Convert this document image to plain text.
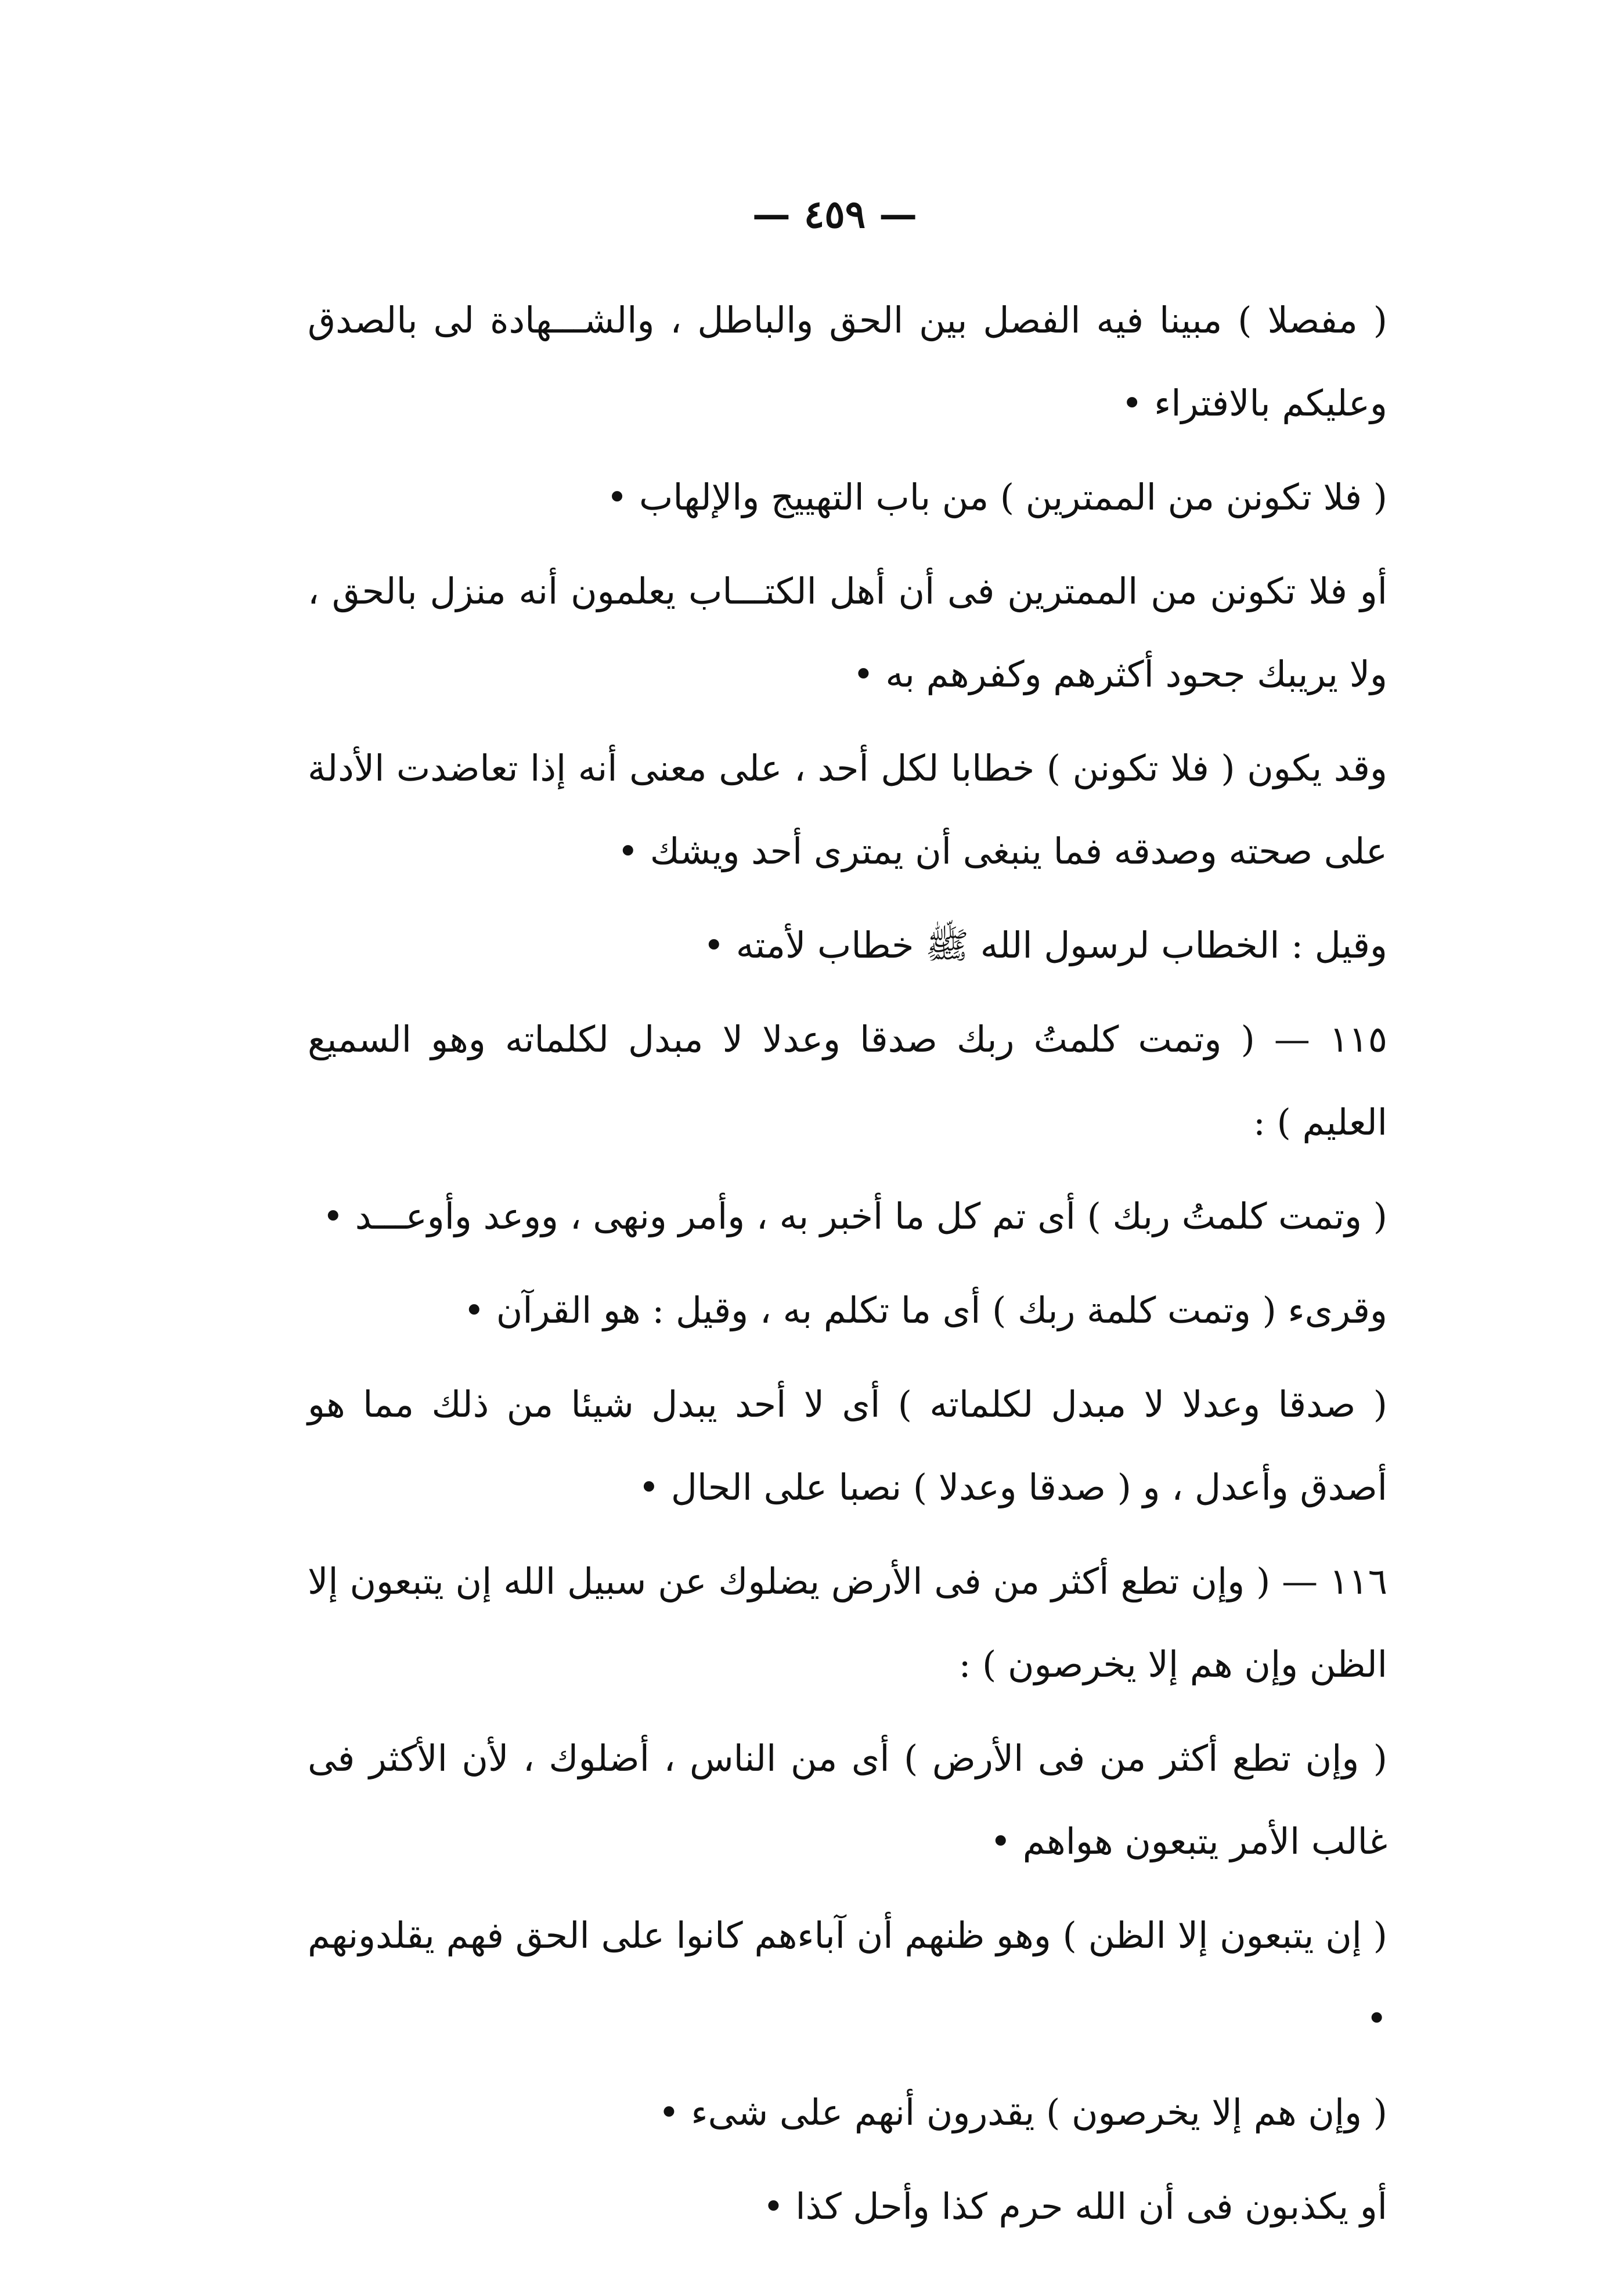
— ٤٥٩ —

( مفصلا ) مبينا فيه الفصل بين الحق والباطل ، والشـــهادة لى بالصدق وعليكم بالافتراء •

( فلا تكونن من الممترين ) من باب التهييج والإلهاب •

أو فلا تكونن من الممترين فى أن أهل الكتـــاب يعلمون أنه منزل بالحق ، ولا يريبك جحود أكثرهم وكفرهم به •

وقد يكون ( فلا تكونن ) خطابا لكل أحد ، على معنى أنه إذا تعاضدت الأدلة على صحته وصدقه فما ينبغى أن يمترى أحد ويشك •

وقيل : الخطاب لرسول الله ﷺ خطاب لأمته •

١١٥ — ( وتمت كلمتُ ربك صدقا وعدلا لا مبدل لكلماته وهو السميع العليم ) :

( وتمت كلمتُ ربك ) أى تم كل ما أخبر به ، وأمر ونهى ، ووعد وأوعـــد •

وقرىء ( وتمت كلمة ربك ) أى ما تكلم به ، وقيل : هو القرآن •

( صدقا وعدلا لا مبدل لكلماته ) أى لا أحد يبدل شيئا من ذلك مما هو أصدق وأعدل ، و ( صدقا وعدلا ) نصبا على الحال •

١١٦ — ( وإن تطع أكثر من فى الأرض يضلوك عن سبيل الله إن يتبعون إلا الظن وإن هم إلا يخرصون ) :

( وإن تطع أكثر من فى الأرض ) أى من الناس ، أضلوك ، لأن الأكثر فى غالب الأمر يتبعون هواهم •

( إن يتبعون إلا الظن ) وهو ظنهم أن آباءهم كانوا على الحق فهم يقلدونهم •

( وإن هم إلا يخرصون ) يقدرون أنهم على شىء •

أو يكذبون فى أن الله حرم كذا وأحل كذا •
